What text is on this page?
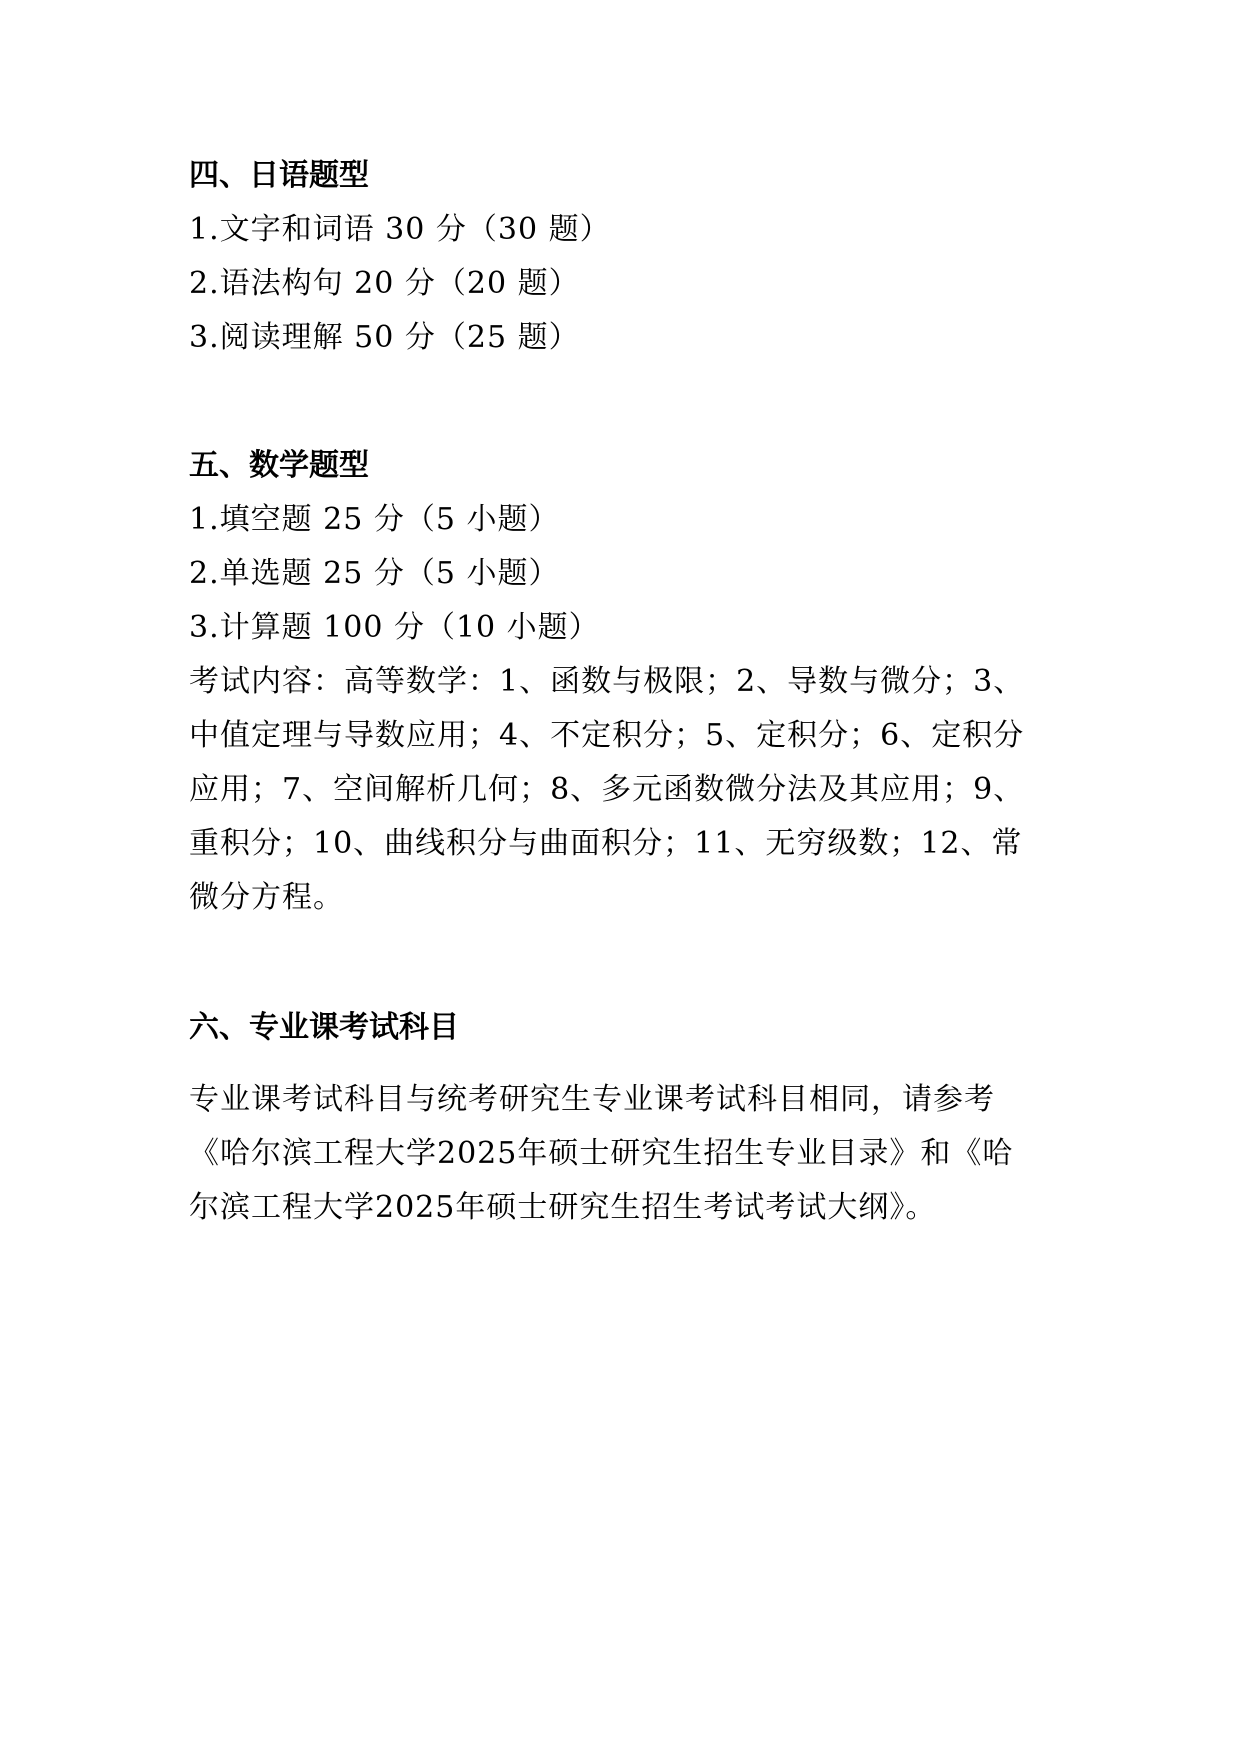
四、日语题型
1.文字和词语 30 分（30 题）
2.语法构句 20 分（20 题）
3.阅读理解 50 分（25 题）
五、数学题型
1.填空题 25 分（5 小题）
2.单选题 25 分（5 小题）
3.计算题 100 分（10 小题）
考试内容：高等数学：1、函数与极限；2、导数与微分；3、
中值定理与导数应用；4、不定积分；5、定积分；6、定积分
应用；7、空间解析几何；8、多元函数微分法及其应用；9、
重积分；10、曲线积分与曲面积分；11、无穷级数；12、常
微分方程。
六、专业课考试科目
专业课考试科目与统考研究生专业课考试科目相同，请参考
《哈尔滨工程大学2025年硕士研究生招生专业目录》和《哈
尔滨工程大学2025年硕士研究生招生考试考试大纲》。
